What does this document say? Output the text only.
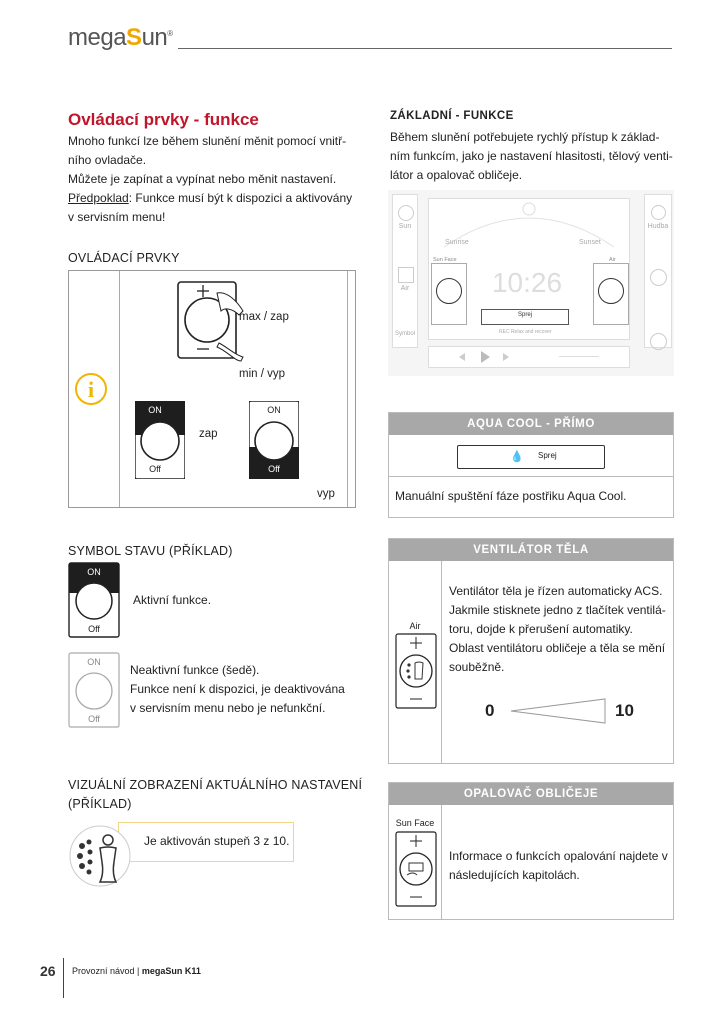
megaSun®
Ovládací prvky - funkce
Mnoho funkcí lze během slunění měnit pomocí vnitř-
ního ovladače.
Můžete je zapínat a vypínat nebo měnit nastavení.
Předpoklad: Funkce musí být k dispozici a aktivovány
v servisním menu!
OVLÁDACÍ PRVKY
i
max / zap
min / vyp
ON
Off
zap
ON
Off
vyp
SYMBOL STAVU (PŘÍKLAD)
ON
Off
Aktivní funkce.
ON
Off
Neaktivní funkce (šedě).
Funkce není k dispozici, je deaktivována
v servisním menu nebo je nefunkční.
VIZUÁLNÍ ZOBRAZENÍ AKTUÁLNÍHO NASTAVENÍ
(PŘÍKLAD)
Je aktivován stupeň 3 z 10.
ZÁKLADNÍ - FUNKCE
Během slunění potřebujete rychlý přístup k základ-
ním funkcím, jako je nastavení hlasitosti, tělový venti-
látor a opalovač obličeje.
Sun
Air
Symbol
Hudba
Sunrise	Sunset
Sun Face	Air
10:26
Sprej
REC Relax and recover
AQUA COOL - PŘÍMO
💧 Sprej
Manuální spuštění fáze postřiku Aqua Cool.
VENTILÁTOR TĚLA
Air
Ventilátor těla je řízen automaticky ACS.
Jakmile stisknete jedno z tlačítek ventilá-
toru, dojde k přerušení automatiky.
Oblast ventilátoru obličeje a těla se mění
souběžně.
0	10
OPALOVAČ OBLIČEJE
Sun Face
Informace o funkcích opalování najdete v
následujících kapitolách.
26 Provozní návod | megaSun K11
